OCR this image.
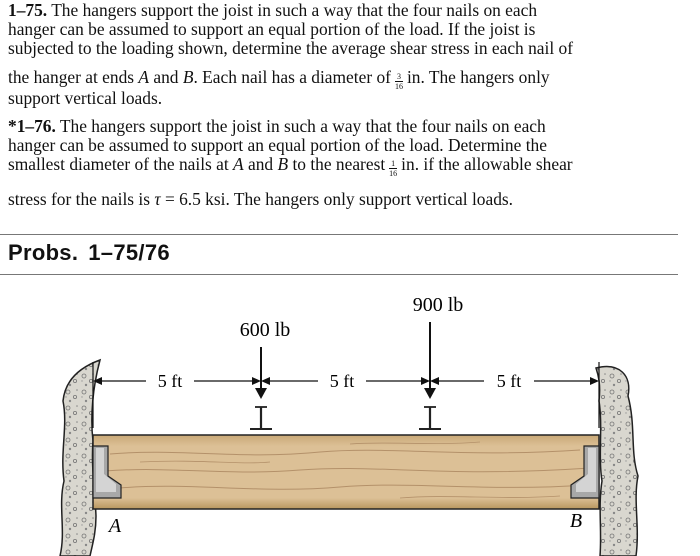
1–75. The hangers support the joist in such a way that the four nails on each
hanger can be assumed to support an equal portion of the load. If the joist is
subjected to the loading shown, determine the average shear stress in each nail of
the hanger at ends A and B. Each nail has a diameter of $\frac{3}{16}$ in. The hangers only
support vertical loads.
*1–76. The hangers support the joist in such a way that the four nails on each
hanger can be assumed to support an equal portion of the load. Determine the
smallest diameter of the nails at A and B to the nearest $\frac{1}{16}$ in. if the allowable shear
stress for the nails is τ = 6.5 ksi. The hangers only support vertical loads.
Probs. 1–75/76
600 lb
900 lb
5 ft	5 ft	5 ft
A	B
